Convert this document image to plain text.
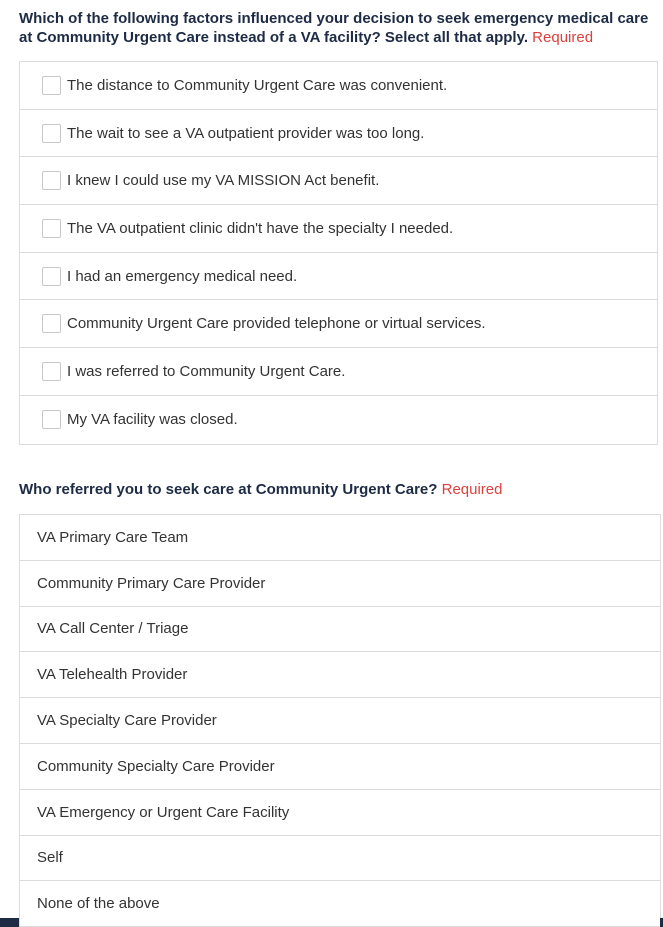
Which of the following factors influenced your decision to seek emergency medical care at Community Urgent Care instead of a VA facility? Select all that apply. Required
The distance to Community Urgent Care was convenient.
The wait to see a VA outpatient provider was too long.
I knew I could use my VA MISSION Act benefit.
The VA outpatient clinic didn't have the specialty I needed.
I had an emergency medical need.
Community Urgent Care provided telephone or virtual services.
I was referred to Community Urgent Care.
My VA facility was closed.
Who referred you to seek care at Community Urgent Care? Required
VA Primary Care Team
Community Primary Care Provider
VA Call Center / Triage
VA Telehealth Provider
VA Specialty Care Provider
Community Specialty Care Provider
VA Emergency or Urgent Care Facility
Self
None of the above
